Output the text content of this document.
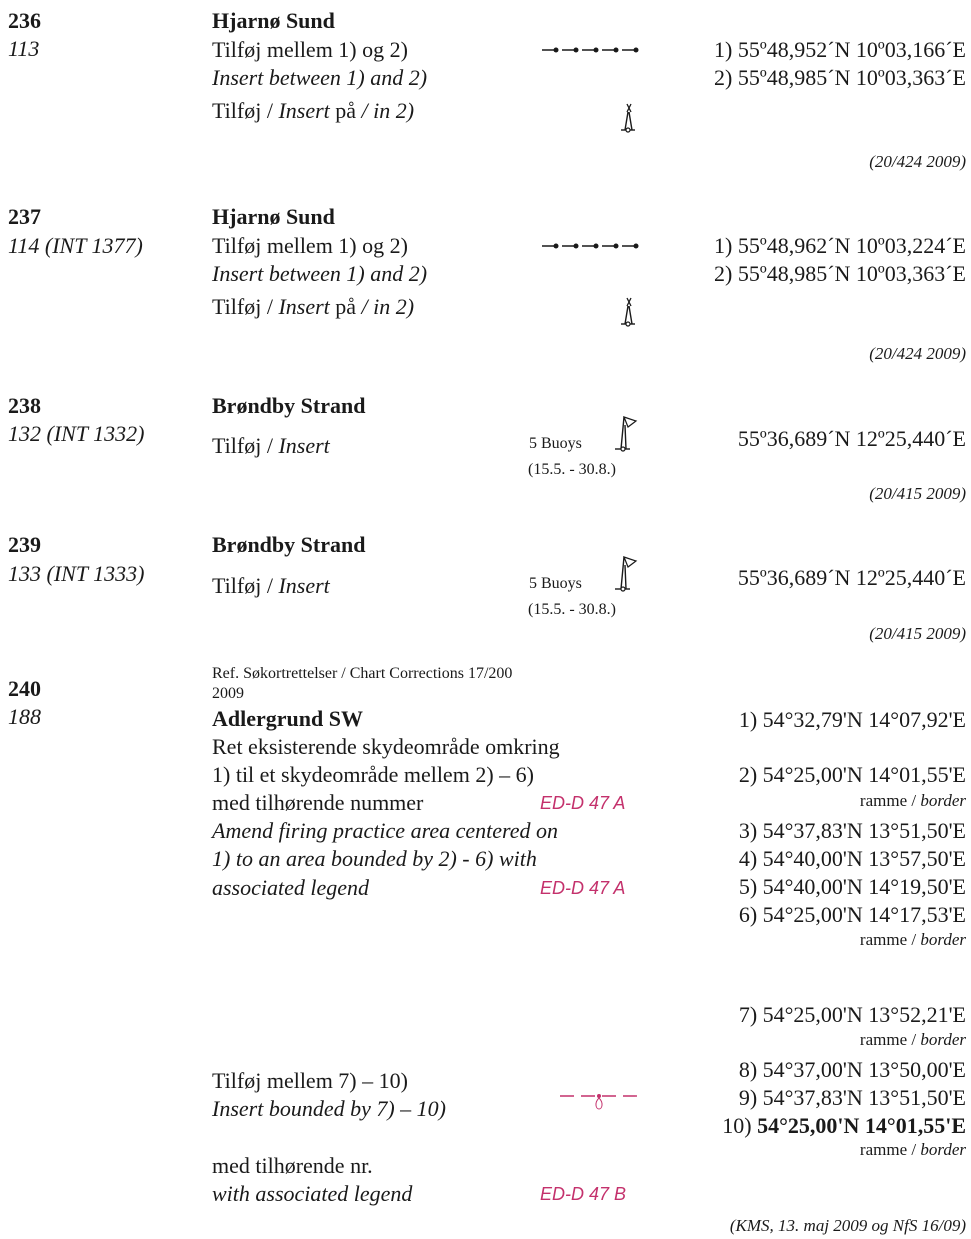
236
113
Hjarnø Sund
Tilføj mellem 1) og 2)
Insert between 1) and 2)
Tilføj / Insert på / in 2)
1) 55º48,952´N 10º03,166´E
2) 55º48,985´N 10º03,363´E
(20/424 2009)
237
114 (INT 1377)
Hjarnø Sund
Tilføj mellem 1) og 2)
Insert between 1) and 2)
Tilføj / Insert på / in 2)
1) 55º48,962´N 10º03,224´E
2) 55º48,985´N 10º03,363´E
(20/424 2009)
238
132 (INT 1332)
Brøndby Strand
Tilføj / Insert	5 Buoys
(15.5. - 30.8.)
55º36,689´N 12º25,440´E
(20/415 2009)
239
133 (INT 1333)
Brøndby Strand
Tilføj / Insert	5 Buoys
(15.5. - 30.8.)
55º36,689´N 12º25,440´E
(20/415 2009)
240
188
Ref. Søkortrettelser / Chart Corrections 17/200
2009
Adlergrund SW
Ret eksisterende skydeområde omkring
1) til et skydeområde mellem 2) – 6)
med tilhørende nummer	ED-D 47 A
Amend firing practice area centered on
1) to an area bounded by 2) - 6) with
associated legend	ED-D 47 A
1) 54°32,79'N 14°07,92'E
2) 54°25,00'N 14°01,55'E
ramme / border
3) 54°37,83'N 13°51,50'E
4) 54°40,00'N 13°57,50'E
5) 54°40,00'N 14°19,50'E
6) 54°25,00'N 14°17,53'E
ramme / border
7) 54°25,00'N 13°52,21'E
ramme / border
8) 54°37,00'N 13°50,00'E
9) 54°37,83'N 13°51,50'E
10) 54°25,00'N 14°01,55'E
ramme / border
Tilføj mellem 7) – 10)
Insert bounded by 7) – 10)
med tilhørende nr.
with associated legend	ED-D 47 B
(KMS, 13. maj 2009 og NfS 16/09)
